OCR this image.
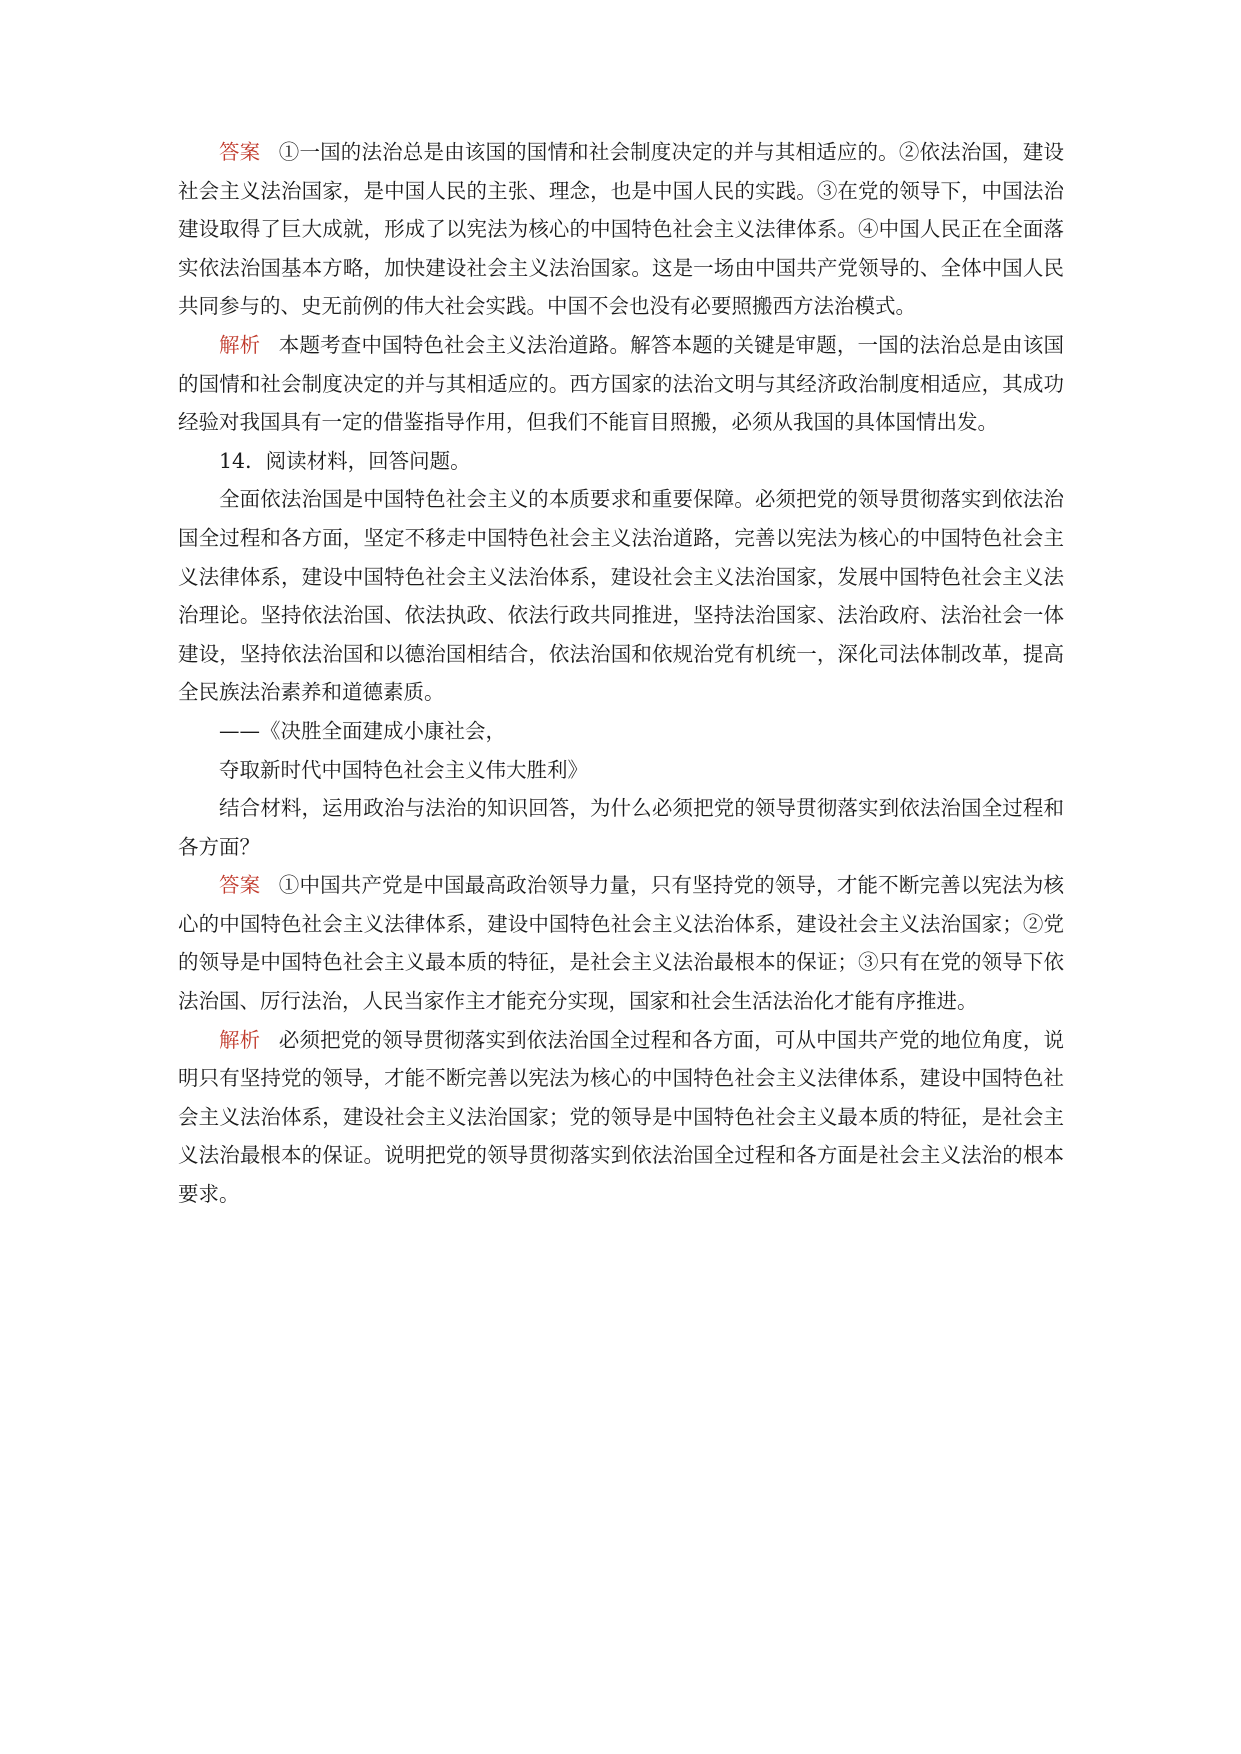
答案 ①一国的法治总是由该国的国情和社会制度决定的并与其相适应的。②依法治国，建设社会主义法治国家，是中国人民的主张、理念，也是中国人民的实践。③在党的领导下，中国法治建设取得了巨大成就，形成了以宪法为核心的中国特色社会主义法律体系。④中国人民正在全面落实依法治国基本方略，加快建设社会主义法治国家。这是一场由中国共产党领导的、全体中国人民共同参与的、史无前例的伟大社会实践。中国不会也没有必要照搬西方法治模式。

解析 本题考查中国特色社会主义法治道路。解答本题的关键是审题，一国的法治总是由该国的国情和社会制度决定的并与其相适应的。西方国家的法治文明与其经济政治制度相适应，其成功经验对我国具有一定的借鉴指导作用，但我们不能盲目照搬，必须从我国的具体国情出发。

14．阅读材料，回答问题。

全面依法治国是中国特色社会主义的本质要求和重要保障。必须把党的领导贯彻落实到依法治国全过程和各方面，坚定不移走中国特色社会主义法治道路，完善以宪法为核心的中国特色社会主义法律体系，建设中国特色社会主义法治体系，建设社会主义法治国家，发展中国特色社会主义法治理论。坚持依法治国、依法执政、依法行政共同推进，坚持法治国家、法治政府、法治社会一体建设，坚持依法治国和以德治国相结合，依法治国和依规治党有机统一，深化司法体制改革，提高全民族法治素养和道德素质。

——《决胜全面建成小康社会，

夺取新时代中国特色社会主义伟大胜利》

结合材料，运用政治与法治的知识回答，为什么必须把党的领导贯彻落实到依法治国全过程和各方面？

答案 ①中国共产党是中国最高政治领导力量，只有坚持党的领导，才能不断完善以宪法为核心的中国特色社会主义法律体系，建设中国特色社会主义法治体系，建设社会主义法治国家；②党的领导是中国特色社会主义最本质的特征，是社会主义法治最根本的保证；③只有在党的领导下依法治国、厉行法治，人民当家作主才能充分实现，国家和社会生活法治化才能有序推进。

解析 必须把党的领导贯彻落实到依法治国全过程和各方面，可从中国共产党的地位角度，说明只有坚持党的领导，才能不断完善以宪法为核心的中国特色社会主义法律体系，建设中国特色社会主义法治体系，建设社会主义法治国家；党的领导是中国特色社会主义最本质的特征，是社会主义法治最根本的保证。说明把党的领导贯彻落实到依法治国全过程和各方面是社会主义法治的根本要求。
